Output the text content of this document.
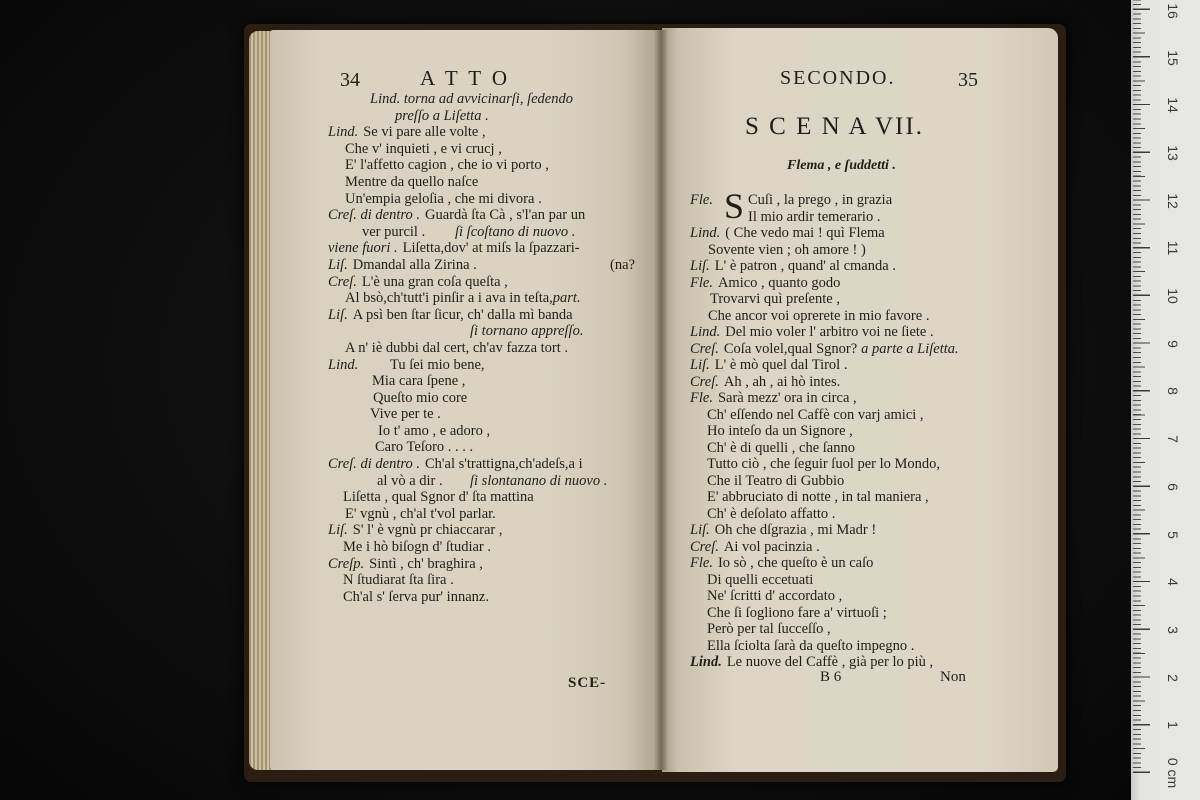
34	A T T O
Lind. torna ad avvicinarſi, ſedendo
preſſo a Liſetta .
Lind. Se vi pare alle volte ,
Che v' inquieti , e vi crucj ,
E' l'affetto cagion , che io vi porto ,
Mentre da quello naſce
Un'empia geloſia , che mi divora .
Creſ. di dentro . Guardà ſta Cà , s'l'an par un
ver purcil . ſi ſcoſtano di nuovo .
viene fuori . Liſetta,dov' at miſs la ſpazzari-
Liſ. Dmandal alla Zirina .	(na?
Creſ. L'è una gran coſa queſta ,
Al bsò,ch'tutt'i pinſir a i ava in teſta,part.
Liſ. A psì ben ſtar ſicur, ch' dalla mì banda
ſi tornano appreſſo.
A n' iè dubbi dal cert, ch'av fazza tort .
Lind. Tu ſei mio bene,
Mia cara ſpene ,
Queſto mio core
Vive per te .
Io t' amo , e adoro ,
Caro Teſoro . . . .
Creſ. di dentro . Ch'al s'trattigna,ch'adeſs,a i
al vò a dir . ſi slontanano di nuovo .
Liſetta , qual Sgnor d' ſta mattina
E' vgnù , ch'al t'vol parlar.
Liſ. S' l' è vgnù pr chiaccarar ,
Me i hò biſogn d' ſtudiar .
Creſp. Sintì , ch' braghira ,
N ſtudiarat ſta ſira .
Ch'al s' ſerva pur' innanz.
SCE-
SECONDO.	35
S C E N A VII.
Flema , e ſuddetti .
Fle. S Cuſi , la prego , in grazia
Il mio ardir temerario .
Lind. ( Che vedo mai ! quì Flema
Sovente vien ; oh amore ! )
Liſ. L' è patron , quand' al cmanda .
Fle. Amico , quanto godo
Trovarvi quì preſente ,
Che ancor voi oprerete in mio favore .
Lind. Del mio voler l' arbitro voi ne ſiete .
Creſ. Coſa volel,qual Sgnor? a parte a Liſetta.
Liſ. L' è mò quel dal Tirol .
Creſ. Ah , ah , ai hò intes.
Fle. Sarà mezz' ora in circa ,
Ch' eſſendo nel Caffè con varj amici ,
Ho inteſo da un Signore ,
Ch' è di quelli , che ſanno
Tutto ciò , che ſeguir ſuol per lo Mondo,
Che il Teatro di Gubbio
E' abbruciato di notte , in tal maniera ,
Ch' è deſolato affatto .
Liſ. Oh che dſgrazia , mi Madr !
Creſ. Ai vol pacinzia .
Fle. Io sò , che queſto è un caſo
Di quelli eccetuati
Ne' ſcritti d' accordato ,
Che ſi ſogliono fare a' virtuoſi ;
Però per tal ſucceſſo ,
Ella ſciolta ſarà da queſto impegno .
Lind. Le nuove del Caffè , già per lo più ,
B 6	Non
0 cm
1
2
3
4
5
6
7
8
9
10
11
12
13
14
15
16
